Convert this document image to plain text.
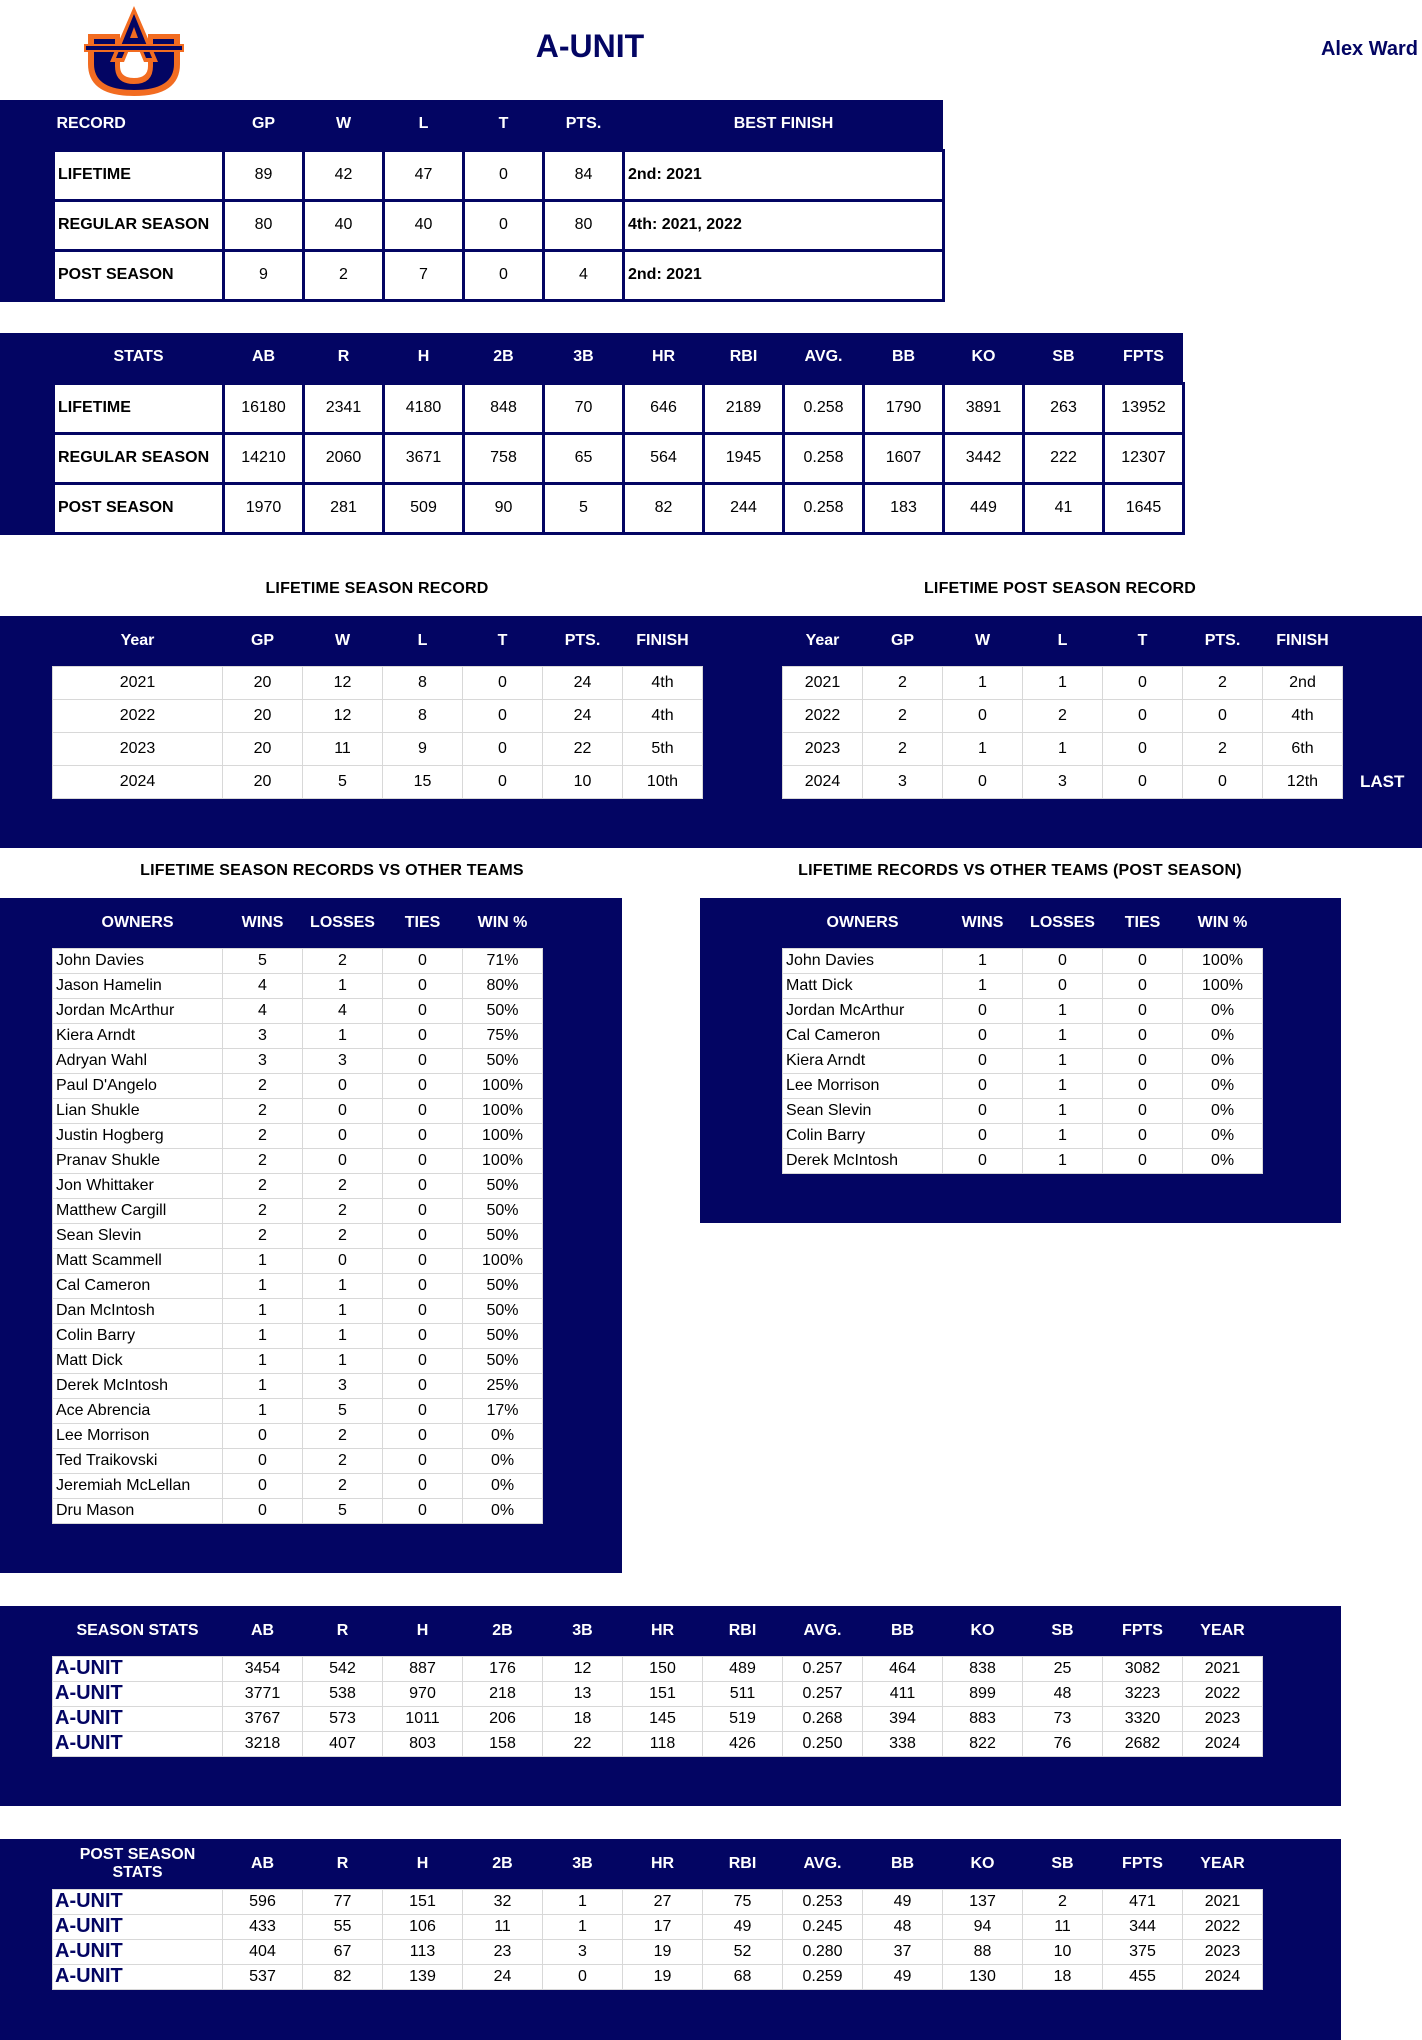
A-UNIT	Alex Ward
RECORD	GP	W	L	T	PTS.	BEST FINISH
LIFETIME	89	42	47	0	84	2nd: 2021
REGULAR SEASON	80	40	40	0	80	4th: 2021, 2022
POST SEASON	9	2	7	0	4	2nd: 2021
STATS	AB	R	H	2B	3B	HR	RBI	AVG.	BB	KO	SB	FPTS
LIFETIME	16180	2341	4180	848	70	646	2189	0.258	1790	3891	263	13952
REGULAR SEASON	14210	2060	3671	758	65	564	1945	0.258	1607	3442	222	12307
POST SEASON	1970	281	509	90	5	82	244	0.258	183	449	41	1645
LIFETIME SEASON RECORD	LIFETIME POST SEASON RECORD
Year	GP	W	L	T	PTS.	FINISH
2021	20	12	8	0	24	4th
2022	20	12	8	0	24	4th
2023	20	11	9	0	22	5th
2024	20	5	15	0	10	10th
Year	GP	W	L	T	PTS.	FINISH
2021	2	1	1	0	2	2nd
2022	2	0	2	0	0	4th
2023	2	1	1	0	2	6th
2024	3	0	3	0	0	12th LAST
LIFETIME SEASON RECORDS VS OTHER TEAMS	LIFETIME RECORDS VS OTHER TEAMS (POST SEASON)
OWNERS	WINS	LOSSES	TIES	WIN %
John Davies	5	2	0	71%
Jason Hamelin	4	1	0	80%
Jordan McArthur	4	4	0	50%
Kiera Arndt	3	1	0	75%
Adryan Wahl	3	3	0	50%
Paul D'Angelo	2	0	0	100%
Lian Shukle	2	0	0	100%
Justin Hogberg	2	0	0	100%
Pranav Shukle	2	0	0	100%
Jon Whittaker	2	2	0	50%
Matthew Cargill	2	2	0	50%
Sean Slevin	2	2	0	50%
Matt Scammell	1	0	0	100%
Cal Cameron	1	1	0	50%
Dan McIntosh	1	1	0	50%
Colin Barry	1	1	0	50%
Matt Dick	1	1	0	50%
Derek McIntosh	1	3	0	25%
Ace Abrencia	1	5	0	17%
Lee Morrison	0	2	0	0%
Ted Traikovski	0	2	0	0%
Jeremiah McLellan	0	2	0	0%
Dru Mason	0	5	0	0%
OWNERS	WINS	LOSSES	TIES	WIN %
John Davies	1	0	0	100%
Matt Dick	1	0	0	100%
Jordan McArthur	0	1	0	0%
Cal Cameron	0	1	0	0%
Kiera Arndt	0	1	0	0%
Lee Morrison	0	1	0	0%
Sean Slevin	0	1	0	0%
Colin Barry	0	1	0	0%
Derek McIntosh	0	1	0	0%
SEASON STATS	AB	R	H	2B	3B	HR	RBI	AVG.	BB	KO	SB	FPTS	YEAR
A-UNIT	3454	542	887	176	12	150	489	0.257	464	838	25	3082	2021
A-UNIT	3771	538	970	218	13	151	511	0.257	411	899	48	3223	2022
A-UNIT	3767	573	1011	206	18	145	519	0.268	394	883	73	3320	2023
A-UNIT	3218	407	803	158	22	118	426	0.250	338	822	76	2682	2024
POST SEASON STATS	AB	R	H	2B	3B	HR	RBI	AVG.	BB	KO	SB	FPTS	YEAR
A-UNIT	596	77	151	32	1	27	75	0.253	49	137	2	471	2021
A-UNIT	433	55	106	11	1	17	49	0.245	48	94	11	344	2022
A-UNIT	404	67	113	23	3	19	52	0.280	37	88	10	375	2023
A-UNIT	537	82	139	24	0	19	68	0.259	49	130	18	455	2024
